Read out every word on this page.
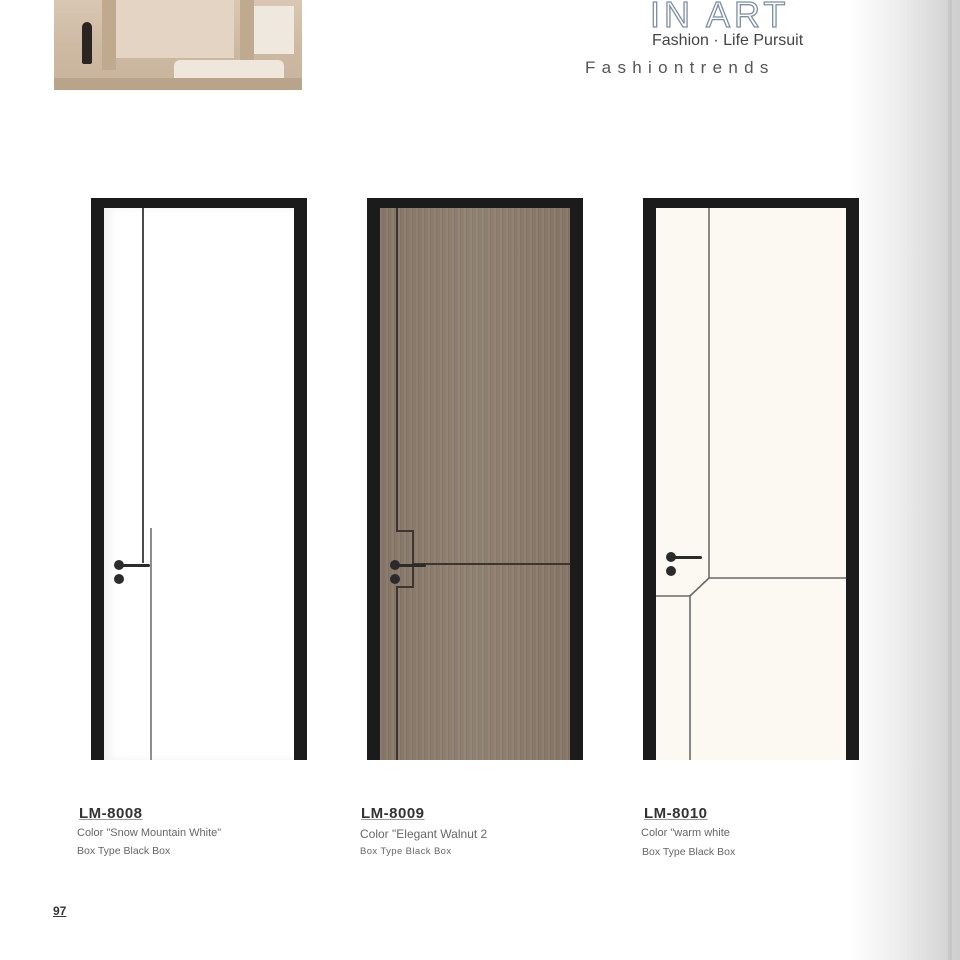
IN ART
Fashion · Life Pursuit
Fashiontrends
LM-8008
Color "Snow Mountain White"
Box Type Black Box
LM-8009
Color "Elegant Walnut 2
Box Type Black Box
LM-8010
Color "warm white
Box Type Black Box
97
